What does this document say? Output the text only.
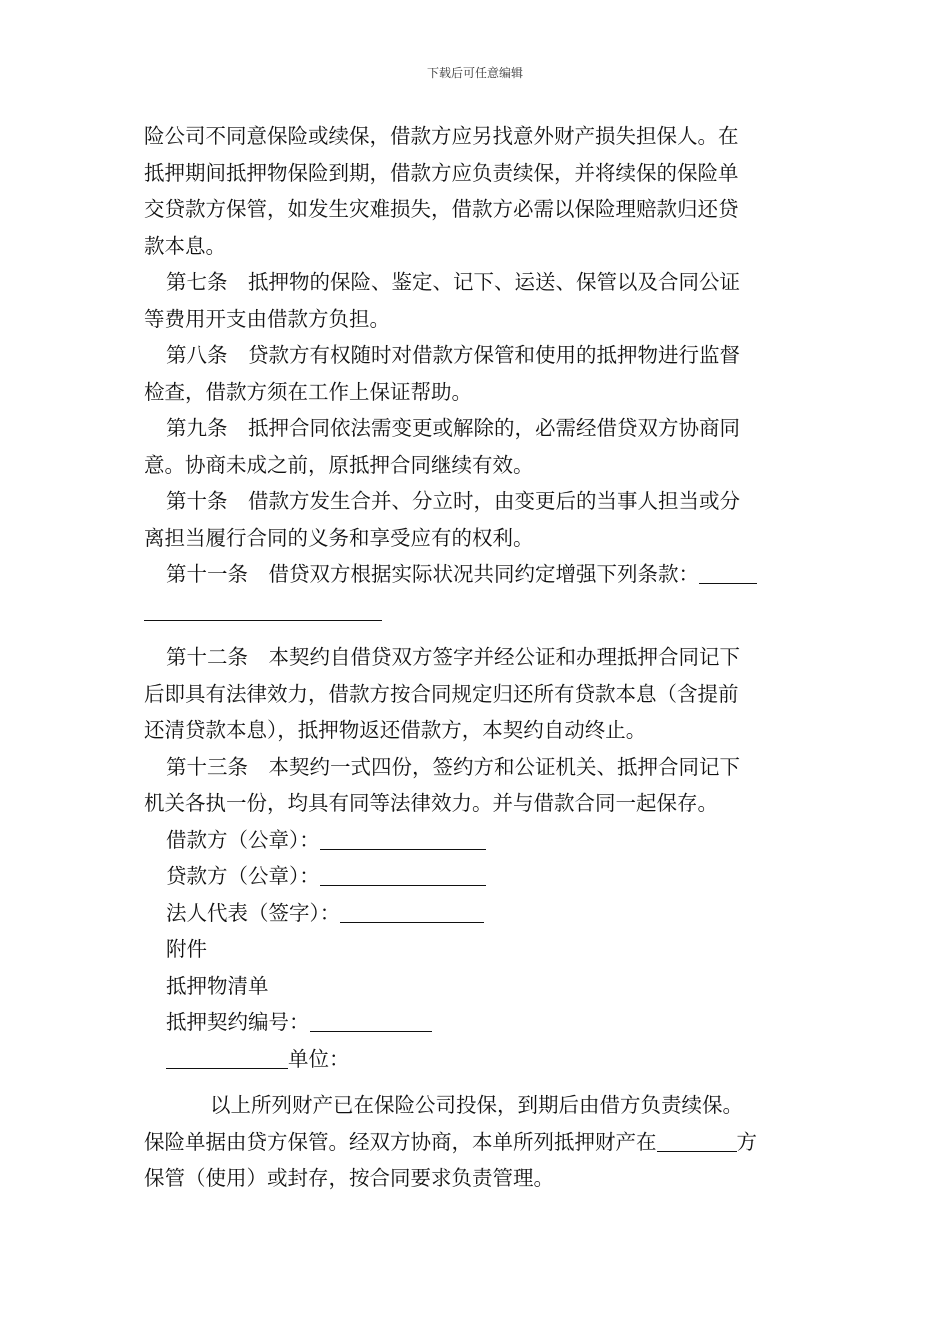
下载后可任意编辑
险公司不同意保险或续保，借款方应另找意外财产损失担保人。在
抵押期间抵押物保险到期，借款方应负责续保，并将续保的保险单
交贷款方保管，如发生灾难损失，借款方必需以保险理赔款归还贷
款本息。
第七条　抵押物的保险、鉴定、记下、运送、保管以及合同公证
等费用开支由借款方负担。
第八条　贷款方有权随时对借款方保管和使用的抵押物进行监督
检查，借款方须在工作上保证帮助。
第九条　抵押合同依法需变更或解除的，必需经借贷双方协商同
意。协商未成之前，原抵押合同继续有效。
第十条　借款方发生合并、分立时，由变更后的当事人担当或分
离担当履行合同的义务和享受应有的权利。
第十一条　借贷双方根据实际状况共同约定增强下列条款：
第十二条　本契约自借贷双方签字并经公证和办理抵押合同记下
后即具有法律效力，借款方按合同规定归还所有贷款本息（含提前
还清贷款本息），抵押物返还借款方，本契约自动终止。
第十三条　本契约一式四份，签约方和公证机关、抵押合同记下
机关各执一份，均具有同等法律效力。并与借款合同一起保存。
借款方（公章）：
贷款方（公章）：
法人代表（签字）：
附件
抵押物清单
抵押契约编号：
单位：
以上所列财产已在保险公司投保，到期后由借方负责续保。
保险单据由贷方保管。经双方协商，本单所列抵押财产在	方
保管（使用）或封存，按合同要求负责管理。
